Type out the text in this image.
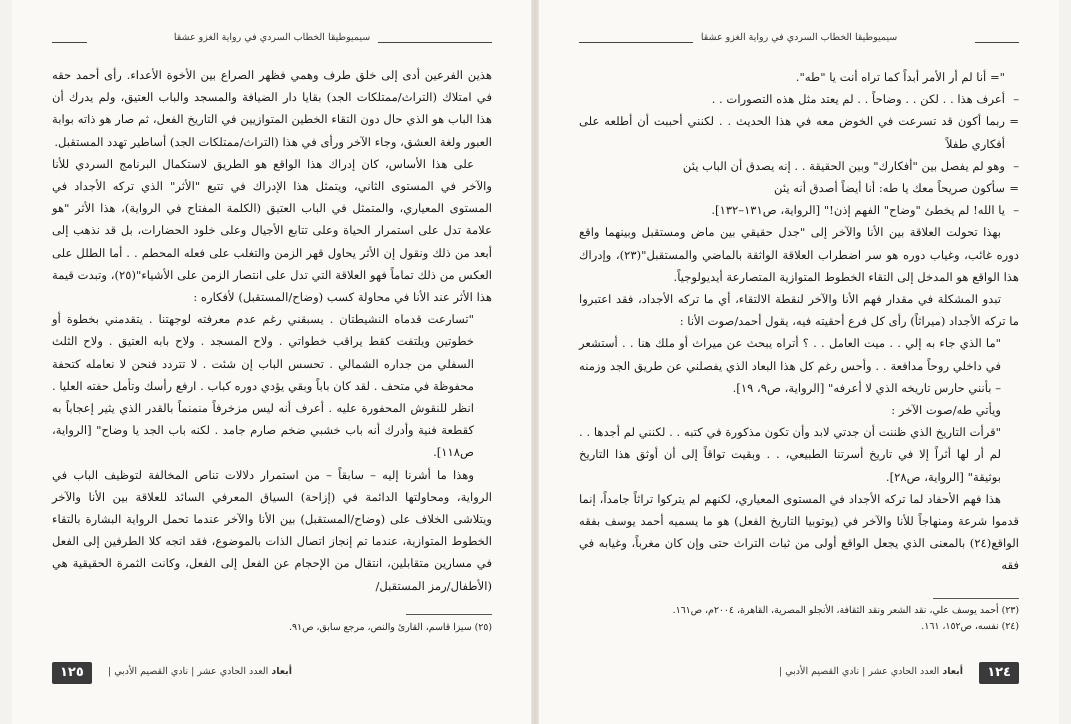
سيميوطيقا الخطاب السردي في رواية الغزو عشقا

هذين الفرعين أدى إلى خلق طرف وهمي فظهر الصراع بين الأخوة الأعداء. رأى أحمد حقه في امتلاك (التراث/ممتلكات الجد) بقايا دار الضيافة والمسجد والباب العتيق، ولم يدرك أن هذا الباب هو الذي حال دون التقاء الخطين المتوازيين في التاريخ الفعل، ثم صار هو ذاته بوابة العبور ولغة العشق، وجاء الآخر ورأى في هذا (التراث/ممتلكات الجد) أساطير تهدد المستقبل.

على هذا الأساس، كان إدراك هذا الواقع هو الطريق لاستكمال البرنامج السردي للأنا والآخر في المستوى الثاني، ويتمثل هذا الإدراك في تتبع "الأثر" الذي تركه الأجداد في المستوى المعياري، والمتمثل في الباب العتيق (الكلمة المفتاح في الرواية)، هذا الأثر "هو علامة تدل على استمرار الحياة وعلى تتابع الأجيال وعلى خلود الحضارات، بل قد نذهب إلى أبعد من ذلك ونقول إن الأثر يحاول قهر الزمن والتغلب على فعله المحطم . . أما الطلل على العكس من ذلك تماماً فهو العلاقة التي تدل على انتصار الزمن على الأشياء"(٢٥)، وتبدت قيمة هذا الأثر عند الأنا في محاولة كسب (وضاح/المستقبل) لأفكاره :

"تسارعت قدماه النشيطتان . يسبقني رغم عدم معرفته لوجهتنا . يتقدمني بخطوة أو خطوتين ويلتفت كقط يراقب خطواتي . ولاح المسجد . ولاح بابه العتيق . ولاح الثلث السفلي من جداره الشمالي . تحسس الباب إن شئت . لا تتردد فنحن لا نعامله كتحفة محفوظة في متحف . لقد كان باباً وبقي يؤدي دوره كباب . ارفع رأسك وتأمل حفته العليا . انظر للنقوش المحفورة عليه . أعرف أنه ليس مزخرفاً منمنماً بالقدر الذي يثير إعجاباً به كقطعة فنية وأدرك أنه باب خشبي ضخم صارم جامد . لكنه باب الجد يا وضاح" [الرواية، ص١١٨].

وهذا ما أشرنا إليه – سابقاً – من استمرار دلالات تناص المخالفة لتوظيف الباب في الرواية، ومحاولتها الدائمة في (إزاحة) السياق المعرفي السائد للعلاقة بين الأنا والآخر ويتلاشى الخلاف على (وضاح/المستقبل) بين الأنا والآخر عندما تحمل الرواية البشارة بالتقاء الخطوط المتوازية، عندما تم إنجاز اتصال الذات بالموضوع، فقد اتجه كلا الطرفين إلى الفعل في مسارين متقابلين، انتقال من الإحجام عن الفعل إلى الفعل، وكانت الثمرة الحقيقية هي (الأطفال/رمز المستقبل/

(٢٥) سيزا قاسم، القارئ والنص، مرجع سابق، ص٩١.
١٢٥	أبعاد العدد الحادي عشر | نادي القصيم الأدبي |
سيميوطيقا الخطاب السردي في رواية الغزو عشقا

"= أنا لم أر الأمر أبداً كما تراه أنت يا "طه".

– أعرف هذا . . لكن . . وضاحاً . . لم يعتد مثل هذه التصورات . .

= ربما أكون قد تسرعت في الخوض معه في هذا الحديث . . لكنني أحببت أن أطلعه على أفكاري طفلاً

– وهو لم يفصل بين "أفكارك" وبين الحقيقة . . إنه يصدق أن الباب يئن

= سأكون صريحاً معك يا طه: أنا أيضاً أصدق أنه يئن

– يا الله! لم يخطئ "وضاح" الفهم إذن!" [الرواية، ص١٣١–١٣٢].

بهذا تحولت العلاقة بين الأنا والآخر إلى "جدل حقيقي بين ماض ومستقبل وبينهما واقع دوره غائب، وغياب دوره هو سر اضطراب العلاقة الواثقة بالماضي والمستقبل"(٢٣)، وإدراك هذا الواقع هو المدخل إلى التقاء الخطوط المتوازية المتصارعة أيديولوجياً.

تبدو المشكلة في مقدار فهم الأنا والآخر لنقطة الالتقاء، أي ما تركه الأجداد، فقد اعتبروا ما تركه الأجداد (ميراثاً) رأى كل فرع أحقيته فيه، يقول أحمد/صوت الأنا :

"ما الذي جاء به إلي . . ميت العامل . . ؟ أتراه يبحث عن ميراث أو ملك هنا . . أستشعر في داخلي روحاً مدافعة . . وأحس رغم كل هذا البعاد الذي يفصلني عن طريق الجد وزمنه – بأنني حارس تاريخه الذي لا أعرفه" [الرواية، ص٩، ١٩].

ويأتي طه/صوت الآخر :

"قرأت التاريخ الذي ظننت أن جدتي لابد وأن تكون مذكورة في كتبه . . لكنني لم أجدها . . لم أر لها أثراً إلا في تاريخ أسرتنا الطبيعي، . . وبقيت تواقاً إلى أن أوثق هذا التاريخ بوثيقة" [الرواية، ص٢٨].

هذا فهم الأحفاد لما تركه الأجداد في المستوى المعياري، لكنهم لم يتركوا تراثاً جامداً، إنما قدموا شرعة ومنهاجاً للأنا والآخر في (يوتوبيا التاريخ الفعل) هو ما يسميه أحمد يوسف بفقه الواقع(٢٤) بالمعنى الذي يجعل الواقع أولى من ثبات التراث حتى وإن كان مغرباً، وغيابه في فقه

(٢٣) أحمد يوسف علي، نقد الشعر ونقد الثقافة، الأنجلو المصرية، القاهرة، ٢٠٠٤م، ص١٦١.
(٢٤) نفسه، ص١٥٢، ١٦١.
١٢٤
أبعاد العدد الحادي عشر | نادي القصيم الأدبي |
